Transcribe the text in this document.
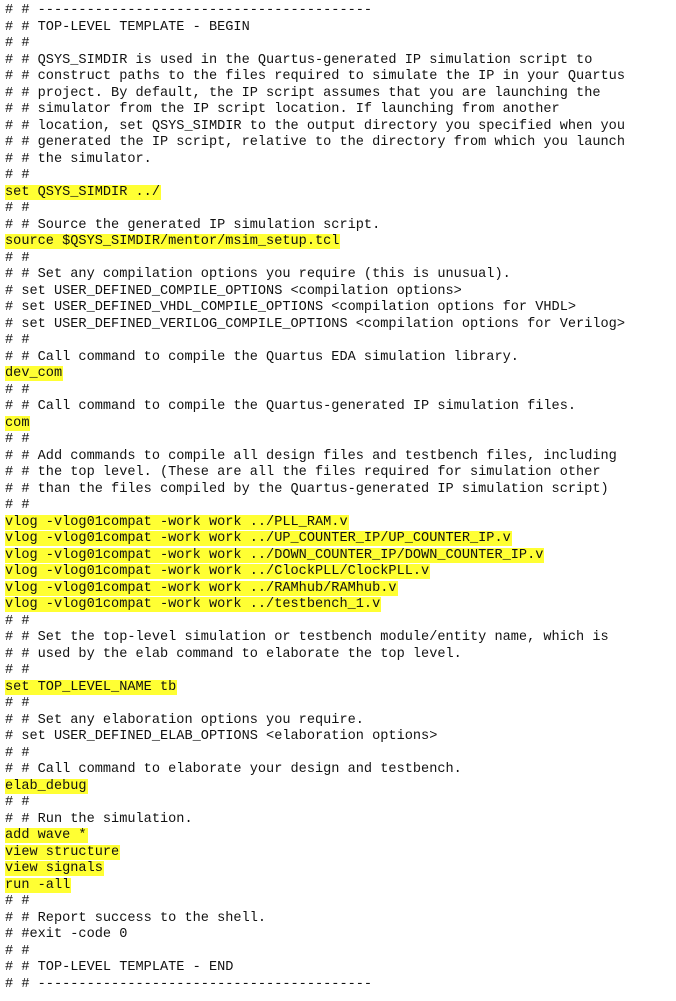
# # -----------------------------------------
# # TOP-LEVEL TEMPLATE - BEGIN
# #
# # QSYS_SIMDIR is used in the Quartus-generated IP simulation script to
# # construct paths to the files required to simulate the IP in your Quartus
# # project. By default, the IP script assumes that you are launching the
# # simulator from the IP script location. If launching from another
# # location, set QSYS_SIMDIR to the output directory you specified when you
# # generated the IP script, relative to the directory from which you launch
# # the simulator.
# #
set QSYS_SIMDIR ../
# #
# # Source the generated IP simulation script.
source $QSYS_SIMDIR/mentor/msim_setup.tcl
# #
# # Set any compilation options you require (this is unusual).
# set USER_DEFINED_COMPILE_OPTIONS <compilation options>
# set USER_DEFINED_VHDL_COMPILE_OPTIONS <compilation options for VHDL>
# set USER_DEFINED_VERILOG_COMPILE_OPTIONS <compilation options for Verilog>
# #
# # Call command to compile the Quartus EDA simulation library.
dev_com
# #
# # Call command to compile the Quartus-generated IP simulation files.
com
# #
# # Add commands to compile all design files and testbench files, including
# # the top level. (These are all the files required for simulation other
# # than the files compiled by the Quartus-generated IP simulation script)
# #
vlog -vlog01compat -work work ../PLL_RAM.v
vlog -vlog01compat -work work ../UP_COUNTER_IP/UP_COUNTER_IP.v
vlog -vlog01compat -work work ../DOWN_COUNTER_IP/DOWN_COUNTER_IP.v
vlog -vlog01compat -work work ../ClockPLL/ClockPLL.v
vlog -vlog01compat -work work ../RAMhub/RAMhub.v
vlog -vlog01compat -work work ../testbench_1.v
# #
# # Set the top-level simulation or testbench module/entity name, which is
# # used by the elab command to elaborate the top level.
# #
set TOP_LEVEL_NAME tb
# #
# # Set any elaboration options you require.
# set USER_DEFINED_ELAB_OPTIONS <elaboration options>
# #
# # Call command to elaborate your design and testbench.
elab_debug
# #
# # Run the simulation.
add wave *
view structure
view signals
run -all
# #
# # Report success to the shell.
# #exit -code 0
# #
# # TOP-LEVEL TEMPLATE - END
# # -----------------------------------------
